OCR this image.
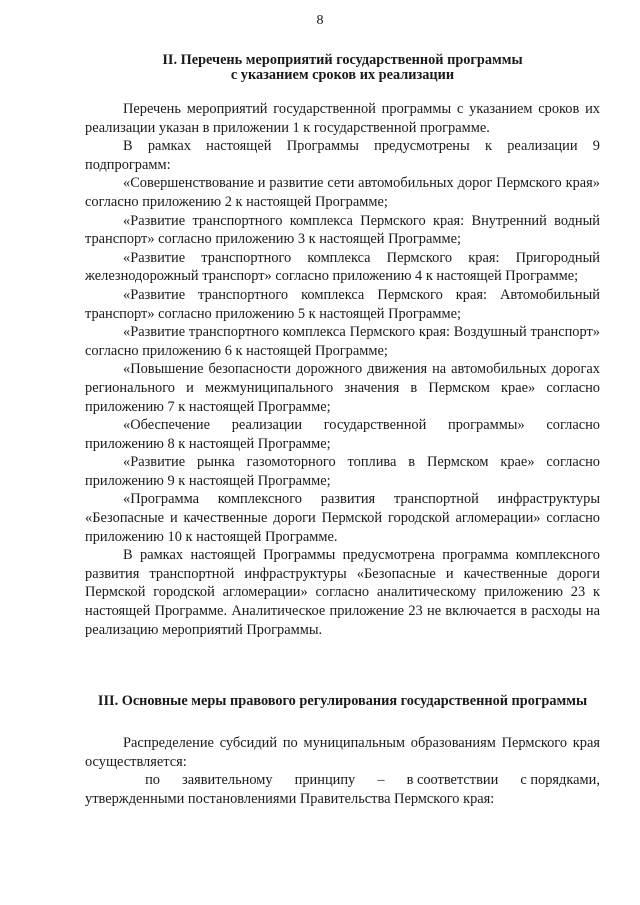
8
II. Перечень мероприятий государственной программы
с указанием сроков их реализации

Перечень мероприятий государственной программы с указанием сроков их реализации указан в приложении 1 к государственной программе.

В рамках настоящей Программы предусмотрены к реализации 9 подпрограмм:

«Совершенствование и развитие сети автомобильных дорог Пермского края» согласно приложению 2 к настоящей Программе;

«Развитие транспортного комплекса Пермского края: Внутренний водный транспорт» согласно приложению 3 к настоящей Программе;

«Развитие транспортного комплекса Пермского края: Пригородный железнодорожный транспорт» согласно приложению 4 к настоящей Программе;

«Развитие транспортного комплекса Пермского края: Автомобильный транспорт» согласно приложению 5 к настоящей Программе;

«Развитие транспортного комплекса Пермского края: Воздушный транспорт» согласно приложению 6 к настоящей Программе;

«Повышение безопасности дорожного движения на автомобильных дорогах регионального и межмуниципального значения в Пермском крае» согласно приложению 7 к настоящей Программе;

«Обеспечение реализации государственной программы» согласно приложению 8 к настоящей Программе;

«Развитие рынка газомоторного топлива в Пермском крае» согласно приложению 9 к настоящей Программе;

«Программа комплексного развития транспортной инфраструктуры «Безопасные и качественные дороги Пермской городской агломерации» согласно приложению 10 к настоящей Программе.

В рамках настоящей Программы предусмотрена программа комплексного развития транспортной инфраструктуры «Безопасные и качественные дороги Пермской городской агломерации» согласно аналитическому приложению 23 к настоящей Программе. Аналитическое приложение 23 не включается в расходы на реализацию мероприятий Программы.

III. Основные меры правового регулирования государственной программы

Распределение субсидий по муниципальным образованиям Пермского края осуществляется:

по заявительному принципу – в соответствии с порядками,

утвержденными постановлениями Правительства Пермского края:
